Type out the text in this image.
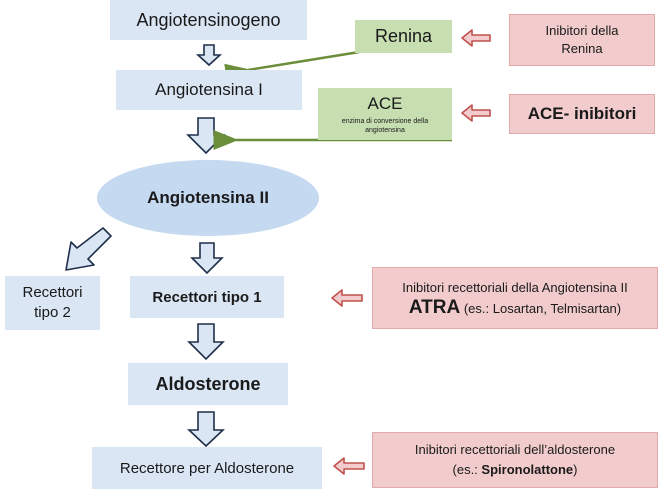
Angiotensinogeno
Angiotensina I
Angiotensina II
Recettori
tipo 2
Recettori tipo 1
Aldosterone
Recettore per Aldosterone
Renina
ACE
enzima di conversione della
angiotensina
Inibitori della
Renina
ACE- inibitori
Inibitori recettoriali della Angiotensina II
ATRA (es.: Losartan, Telmisartan)
Inibitori recettoriali dell’aldosterone
(es.: Spironolattone)
